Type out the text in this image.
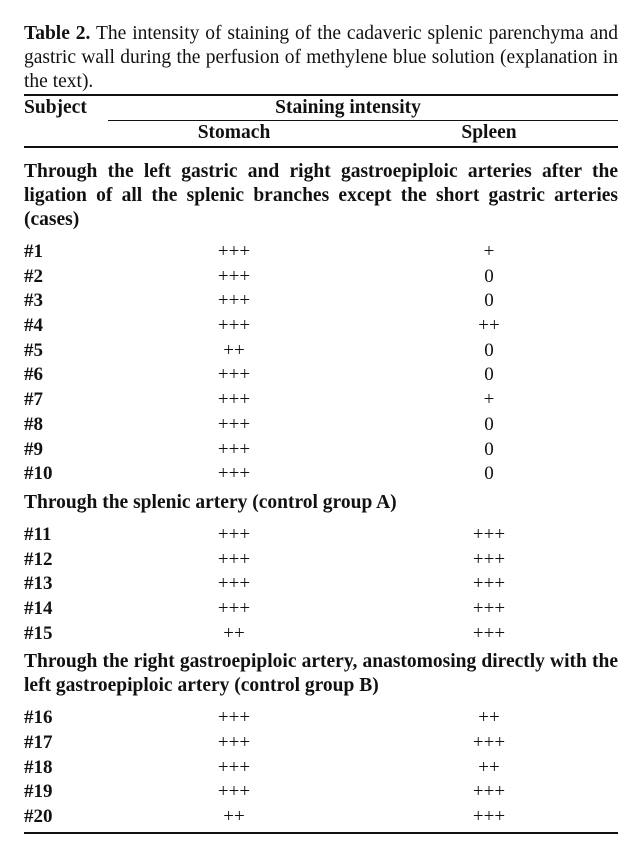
Table 2. The intensity of staining of the cadaveric splenic parenchyma and gastric wall during the perfusion of methylene blue solution (explanation in the text).
Subject	Staining intensity
Stomach	Spleen
Through the left gastric and right gastroepiploic arteries after the ligation of all the splenic branches except the short gastric arteries (cases)
#1	+++	+
#2	+++	0
#3	+++	0
#4	+++	++
#5	++	0
#6	+++	0
#7	+++	+
#8	+++	0
#9	+++	0
#10	+++	0
Through the splenic artery (control group A)
#11	+++	+++
#12	+++	+++
#13	+++	+++
#14	+++	+++
#15	++	+++
Through the right gastroepiploic artery, anastomosing directly with the left gastroepiploic artery (control group B)
#16	+++	++
#17	+++	+++
#18	+++	++
#19	+++	+++
#20	++	+++
